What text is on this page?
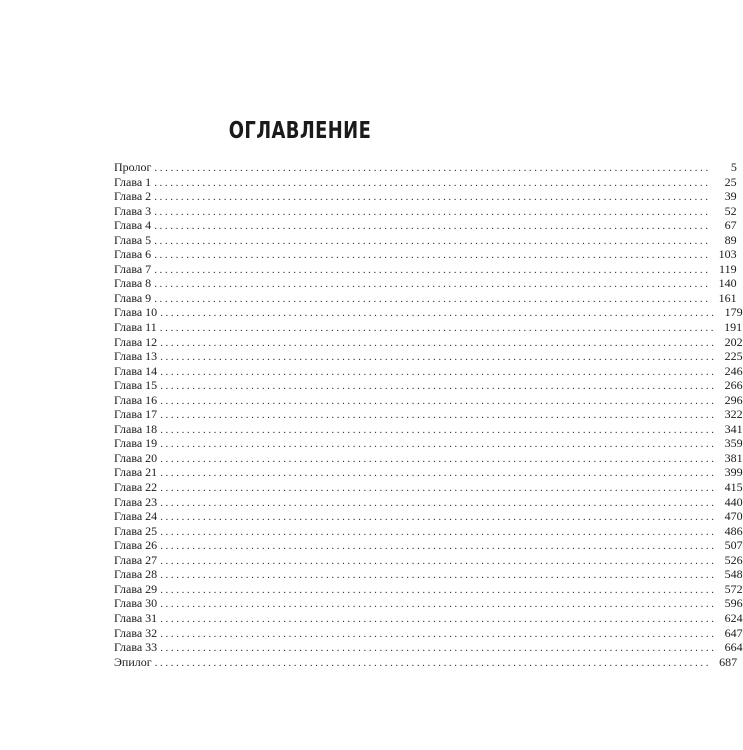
ОГЛАВЛЕНИЕ
Пролог ........................................................................................................	5
Глава 1 ........................................................................................................	25
Глава 2 ........................................................................................................	39
Глава 3 ........................................................................................................	52
Глава 4 ........................................................................................................	67
Глава 5 ........................................................................................................	89
Глава 6 ........................................................................................................ 103
Глава 7 ........................................................................................................ 119
Глава 8 ........................................................................................................ 140
Глава 9 ........................................................................................................ 161
Глава 10 ........................................................................................................ 179
Глава 11 ........................................................................................................ 191
Глава 12 ........................................................................................................ 202
Глава 13 ........................................................................................................ 225
Глава 14 ........................................................................................................ 246
Глава 15 ........................................................................................................ 266
Глава 16 ........................................................................................................ 296
Глава 17 ........................................................................................................ 322
Глава 18 ........................................................................................................ 341
Глава 19 ........................................................................................................ 359
Глава 20 ........................................................................................................ 381
Глава 21 ........................................................................................................ 399
Глава 22 ........................................................................................................ 415
Глава 23 ........................................................................................................ 440
Глава 24 ........................................................................................................ 470
Глава 25 ........................................................................................................ 486
Глава 26 ........................................................................................................ 507
Глава 27 ........................................................................................................ 526
Глава 28 ........................................................................................................ 548
Глава 29 ........................................................................................................ 572
Глава 30 ........................................................................................................ 596
Глава 31 ........................................................................................................ 624
Глава 32 ........................................................................................................ 647
Глава 33 ........................................................................................................ 664
Эпилог ........................................................................................................ 687
